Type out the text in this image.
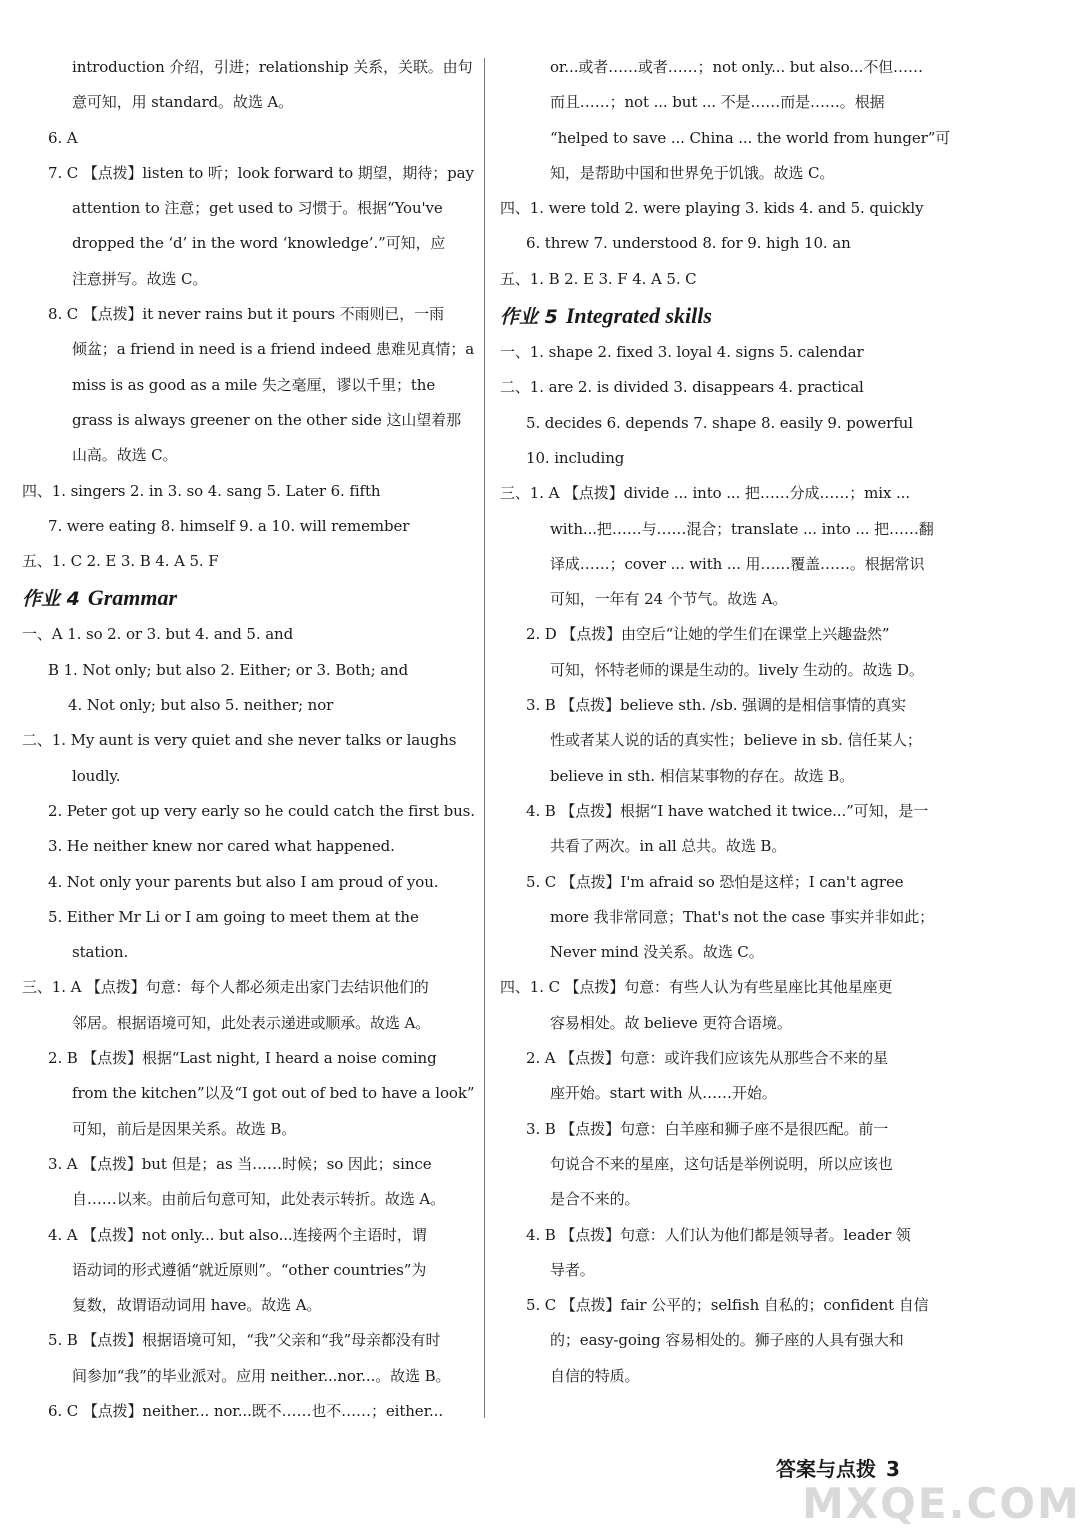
introduction 介绍，引进；relationship 关系，关联。由句
意可知，用 standard。故选 A。
6. A
7. C 【点拨】listen to 听；look forward to 期望，期待；pay
attention to 注意；get used to 习惯于。根据“You've
dropped the ‘d’ in the word ‘knowledge’.”可知，应
注意拼写。故选 C。
8. C 【点拨】it never rains but it pours 不雨则已，一雨
倾盆；a friend in need is a friend indeed 患难见真情；a
miss is as good as a mile 失之毫厘，谬以千里；the
grass is always greener on the other side 这山望着那
山高。故选 C。
四、1. singers 2. in 3. so 4. sang 5. Later 6. fifth
7. were eating 8. himself 9. a 10. will remember
五、1. C 2. E 3. B 4. A 5. F
作业 4 Grammar
一、A 1. so 2. or 3. but 4. and 5. and
B 1. Not only; but also 2. Either; or 3. Both; and
4. Not only; but also 5. neither; nor
二、1. My aunt is very quiet and she never talks or laughs
loudly.
2. Peter got up very early so he could catch the first bus.
3. He neither knew nor cared what happened.
4. Not only your parents but also I am proud of you.
5. Either Mr Li or I am going to meet them at the
station.
三、1. A 【点拨】句意：每个人都必须走出家门去结识他们的
邻居。根据语境可知，此处表示递进或顺承。故选 A。
2. B 【点拨】根据“Last night, I heard a noise coming
from the kitchen”以及“I got out of bed to have a look”
可知，前后是因果关系。故选 B。
3. A 【点拨】but 但是；as 当……时候；so 因此；since
自……以来。由前后句意可知，此处表示转折。故选 A。
4. A 【点拨】not only... but also...连接两个主语时，谓
语动词的形式遵循“就近原则”。“other countries”为
复数，故谓语动词用 have。故选 A。
5. B 【点拨】根据语境可知，“我”父亲和“我”母亲都没有时
间参加“我”的毕业派对。应用 neither...nor...。故选 B。
6. C 【点拨】neither... nor...既不……也不……；either...
or...或者……或者……；not only... but also...不但……
而且……；not ... but ... 不是……而是……。根据
“helped to save ... China ... the world from hunger”可
知，是帮助中国和世界免于饥饿。故选 C。
四、1. were told 2. were playing 3. kids 4. and 5. quickly
6. threw 7. understood 8. for 9. high 10. an
五、1. B 2. E 3. F 4. A 5. C
作业 5 Integrated skills
一、1. shape 2. fixed 3. loyal 4. signs 5. calendar
二、1. are 2. is divided 3. disappears 4. practical
5. decides 6. depends 7. shape 8. easily 9. powerful
10. including
三、1. A 【点拨】divide ... into ... 把……分成……；mix ...
with...把……与……混合；translate ... into ... 把……翻
译成……；cover ... with ... 用……覆盖……。根据常识
可知，一年有 24 个节气。故选 A。
2. D 【点拨】由空后“让她的学生们在课堂上兴趣盎然”
可知，怀特老师的课是生动的。lively 生动的。故选 D。
3. B 【点拨】believe sth. /sb. 强调的是相信事情的真实
性或者某人说的话的真实性；believe in sb. 信任某人；
believe in sth. 相信某事物的存在。故选 B。
4. B 【点拨】根据“I have watched it twice...”可知，是一
共看了两次。in all 总共。故选 B。
5. C 【点拨】I'm afraid so 恐怕是这样；I can't agree
more 我非常同意；That's not the case 事实并非如此；
Never mind 没关系。故选 C。
四、1. C 【点拨】句意：有些人认为有些星座比其他星座更
容易相处。故 believe 更符合语境。
2. A 【点拨】句意：或许我们应该先从那些合不来的星
座开始。start with 从……开始。
3. B 【点拨】句意：白羊座和狮子座不是很匹配。前一
句说合不来的星座，这句话是举例说明，所以应该也
是合不来的。
4. B 【点拨】句意：人们认为他们都是领导者。leader 领
导者。
5. C 【点拨】fair 公平的；selfish 自私的；confident 自信
的；easy-going 容易相处的。狮子座的人具有强大和
自信的特质。
答案与点拨 3
MXQE.COM
